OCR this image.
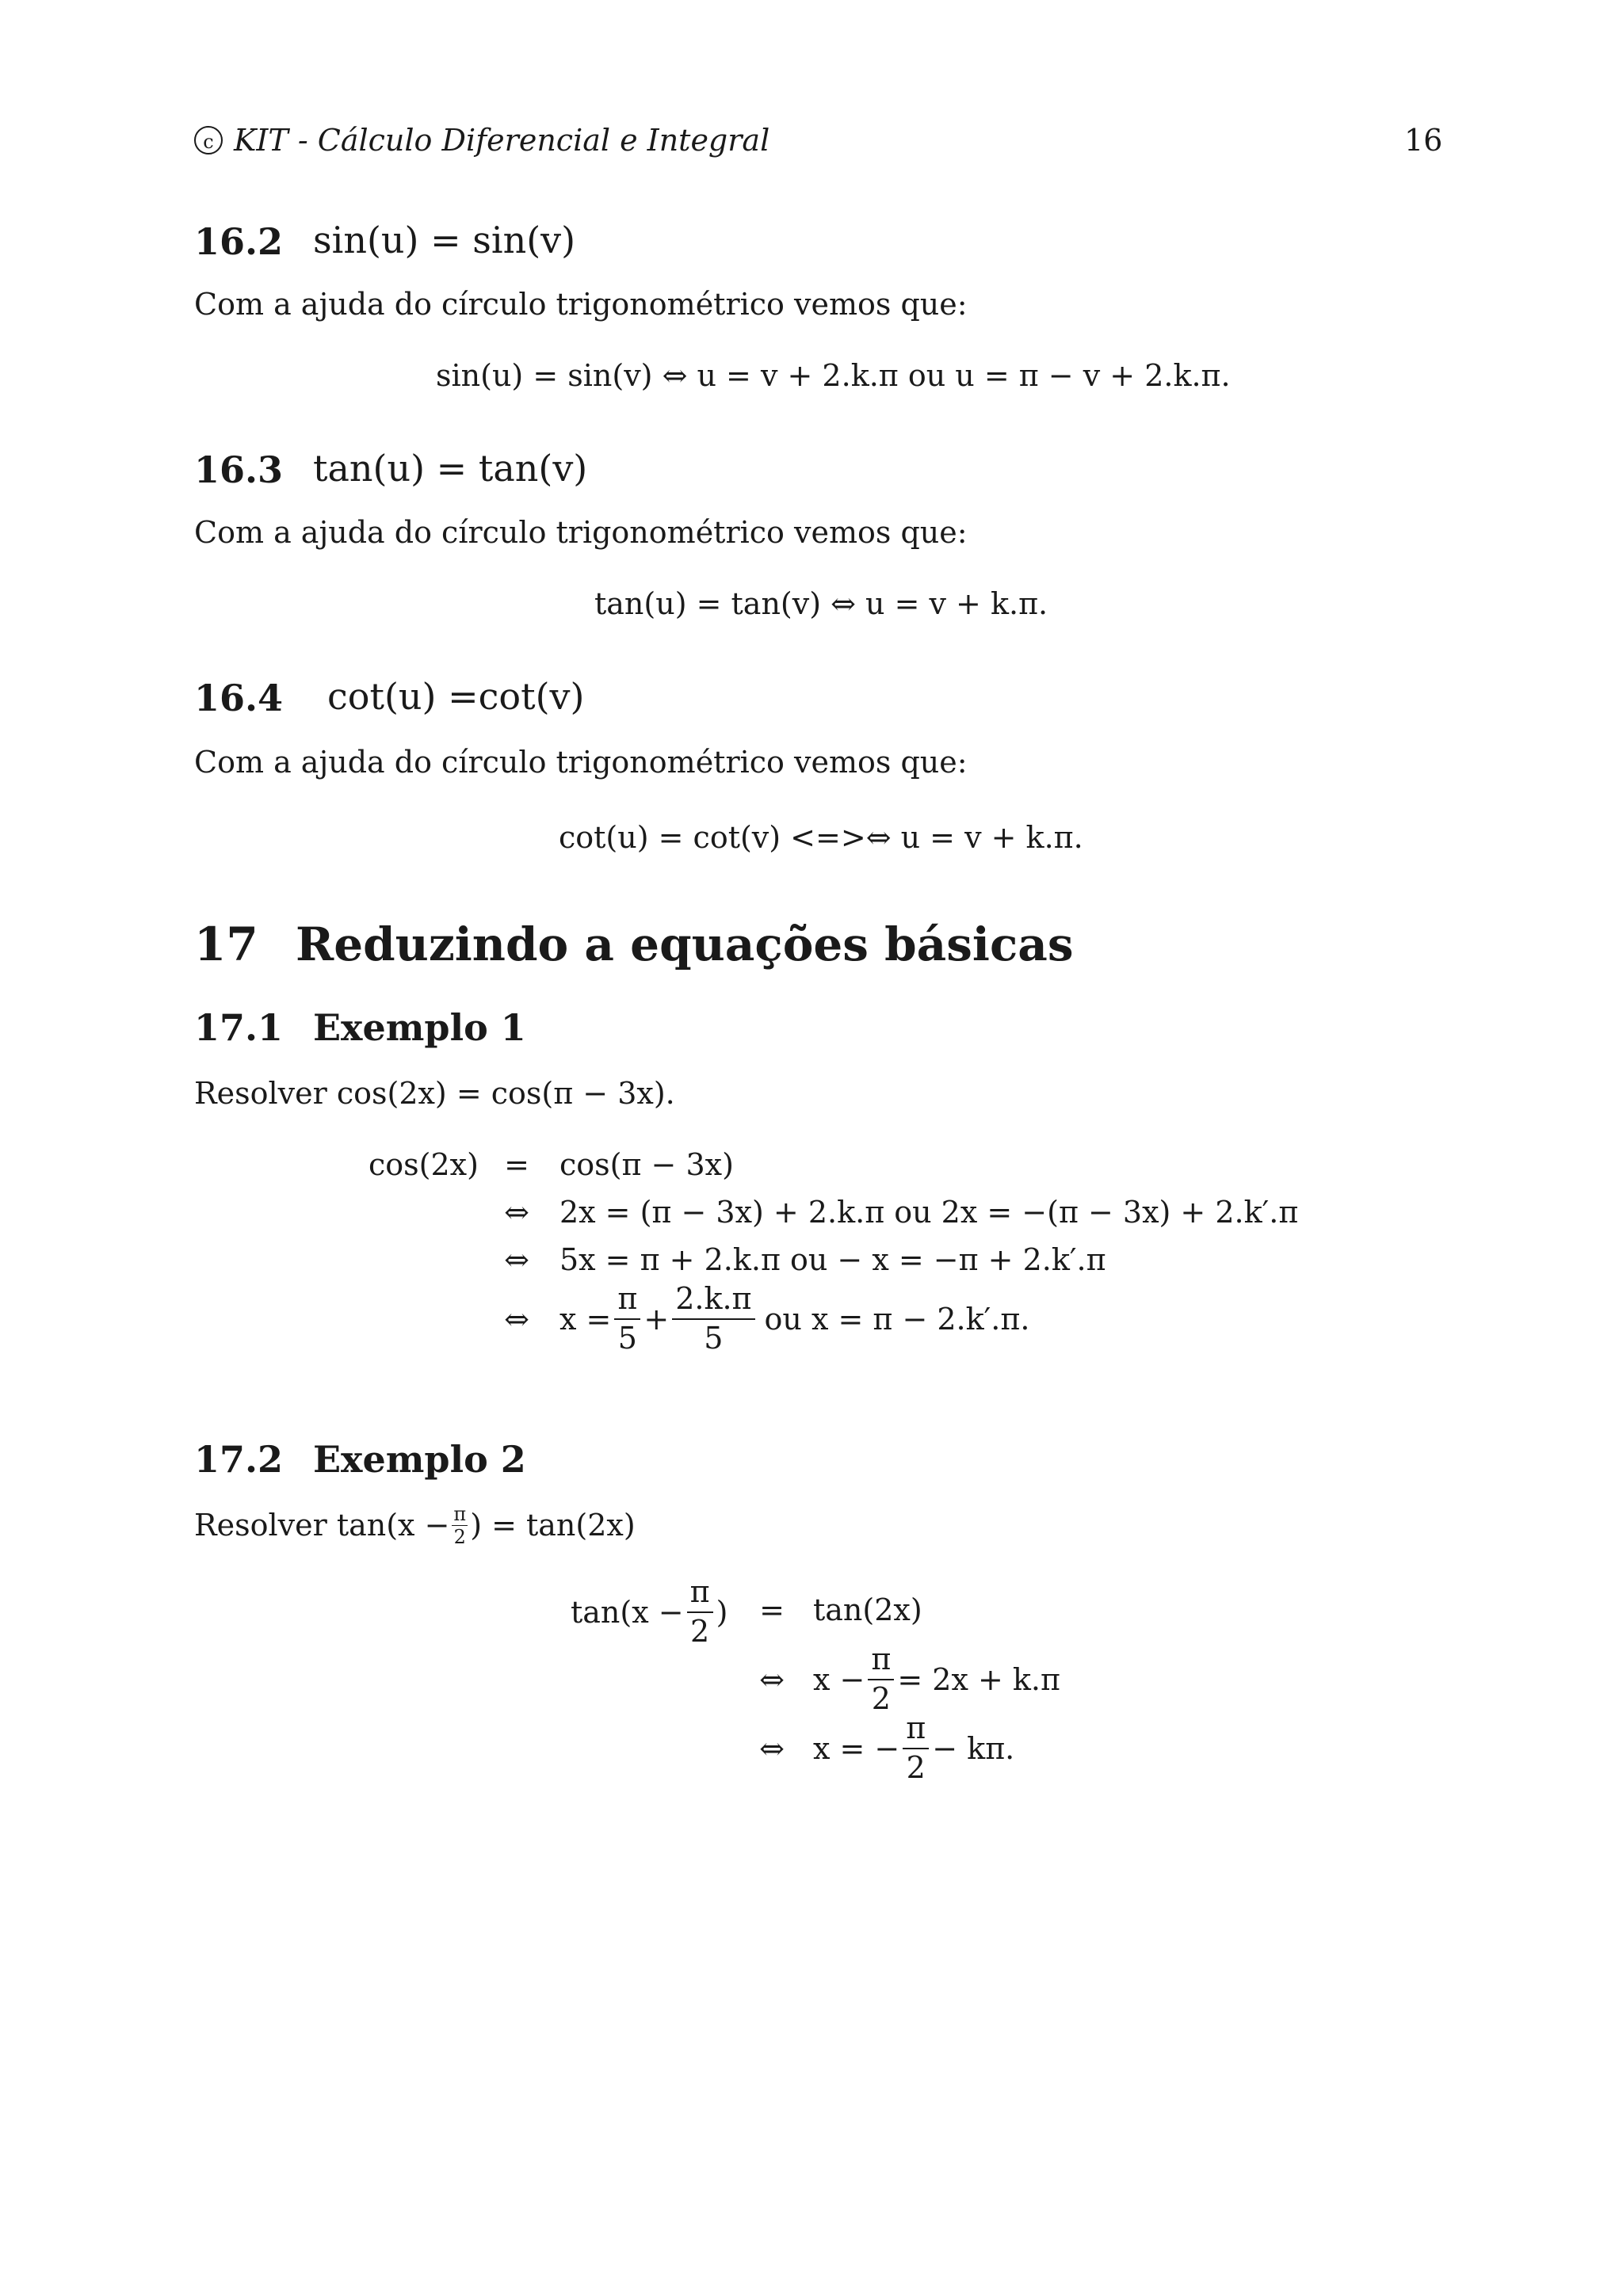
c KIT - Cálculo Diferencial e Integral	16
16.2 sin(u) = sin(v)
Com a ajuda do círculo trigonométrico vemos que:
sin(u) = sin(v) ⇔ u = v + 2.k.π ou u = π − v + 2.k.π.
16.3 tan(u) = tan(v)
Com a ajuda do círculo trigonométrico vemos que:
tan(u) = tan(v) ⇔ u = v + k.π.
16.4 cot(u) =cot(v)
Com a ajuda do círculo trigonométrico vemos que:
cot(u) = cot(v) <=>⇔ u = v + k.π.
17 Reduzindo a equações básicas
17.1 Exemplo 1
Resolver cos(2x) = cos(π − 3x).
cos(2x) =	cos(π − 3x)
⇔	2x = (π − 3x) + 2.k.π ou 2x = −(π − 3x) + 2.k′.π
⇔	5x = π + 2.k.π ou − x = −π + 2.k′.π
⇔	$x = \frac{\pi}{5} + \frac{2.k.\pi}{5}$ ou x = π − 2.k′.π.
17.2 Exemplo 2
Resolver $\tan(x - \frac{\pi}{2}$ ) = tan(2x)
$\tan(x - \frac{\pi}{2}$ )	= tan(2x)
⇔ $x - \frac{\pi}{2} = 2x + k.\pi$
⇔ x = − $\frac{\pi}{2} - k\pi$.
